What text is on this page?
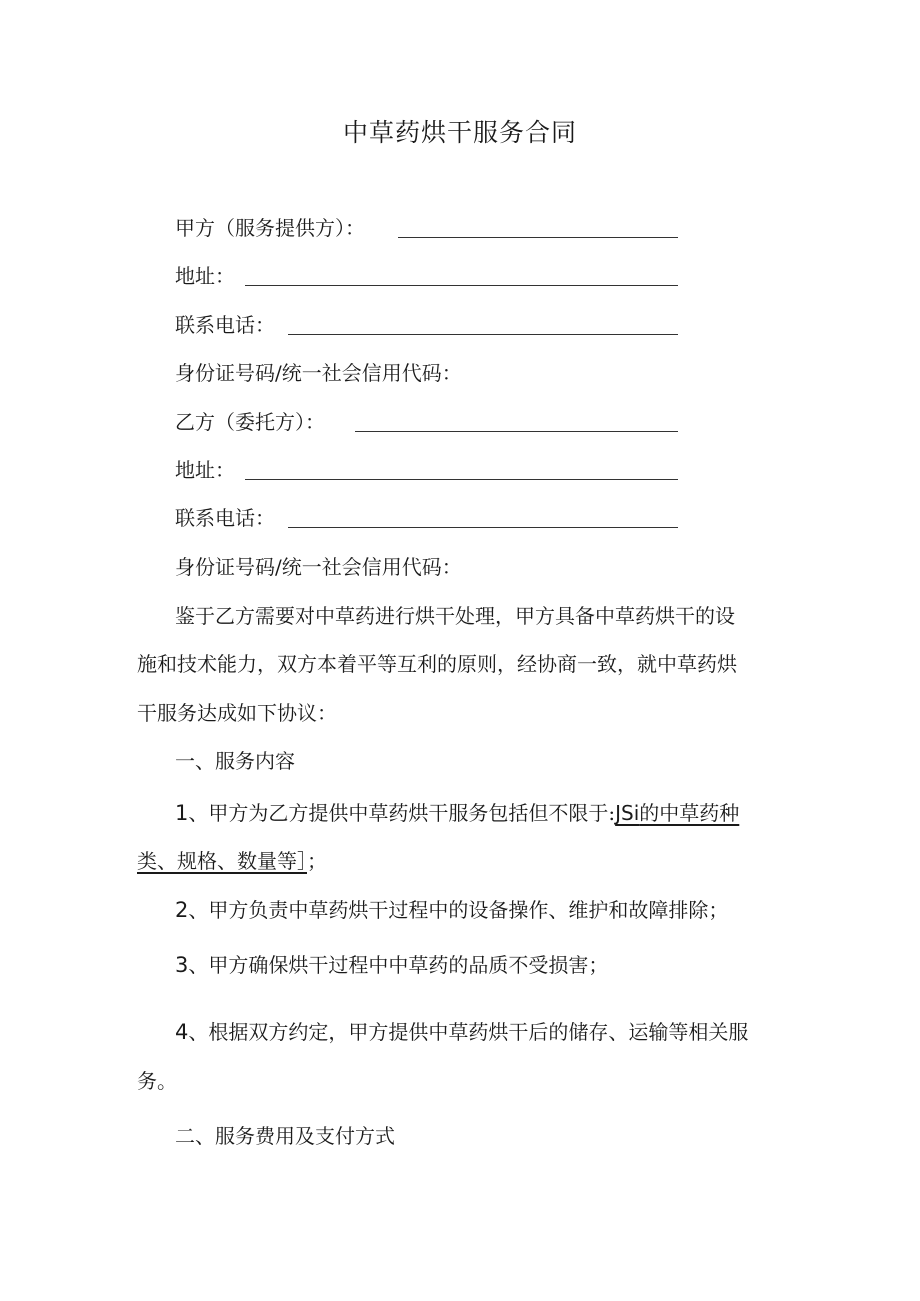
中草药烘干服务合同
甲方（服务提供方）：
地址：
联系电话：
身份证号码/统一社会信用代码：
乙方（委托方）：
地址：
联系电话：
身份证号码/统一社会信用代码：
鉴于乙方需要对中草药进行烘干处理，甲方具备中草药烘干的设
施和技术能力，双方本着平等互利的原则，经协商一致，就中草药烘
干服务达成如下协议：
一、服务内容
1、甲方为乙方提供中草药烘干服务包括但不限于:JSi的中草药种
类、规格、数量等］；
2、甲方负责中草药烘干过程中的设备操作、维护和故障排除；
3、甲方确保烘干过程中中草药的品质不受损害；
4、根据双方约定，甲方提供中草药烘干后的储存、运输等相关服
务。
二、服务费用及支付方式
